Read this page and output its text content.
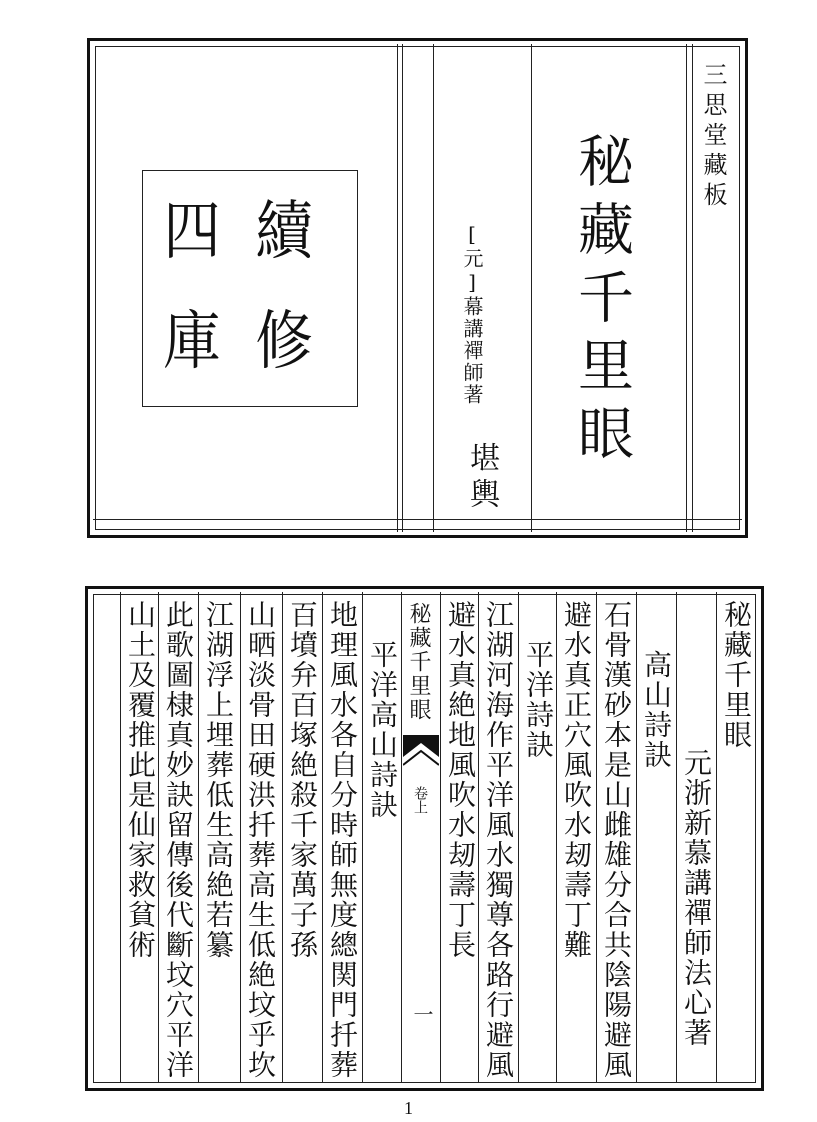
續
修
四
庫	[元]幕講禪師著
堪輿
秘藏千里眼	三思堂藏板
秘藏千里眼
卷上
一
秘藏千里眼
元浙新慕講禪師法心著
高山詩訣
石骨漢砂本是山雌雄分合共陰陽避風
避水真正穴風吹水刼壽丁難
平洋詩訣
江湖河海作平洋風水獨尊各路行避風
避水真絶地風吹水刼壽丁長
平洋高山詩訣
地理風水各自分時師無度總関門扦葬
百墳弁百塚絶殺千家萬子孫
山晒淡骨田硬洪扦葬高生低絶坟乎坎
江湖浮上埋葬低生高絶若纂
此歌圖棣真妙訣留傳後代斷坟穴平洋
山土及覆推此是仙家救貧術
1
